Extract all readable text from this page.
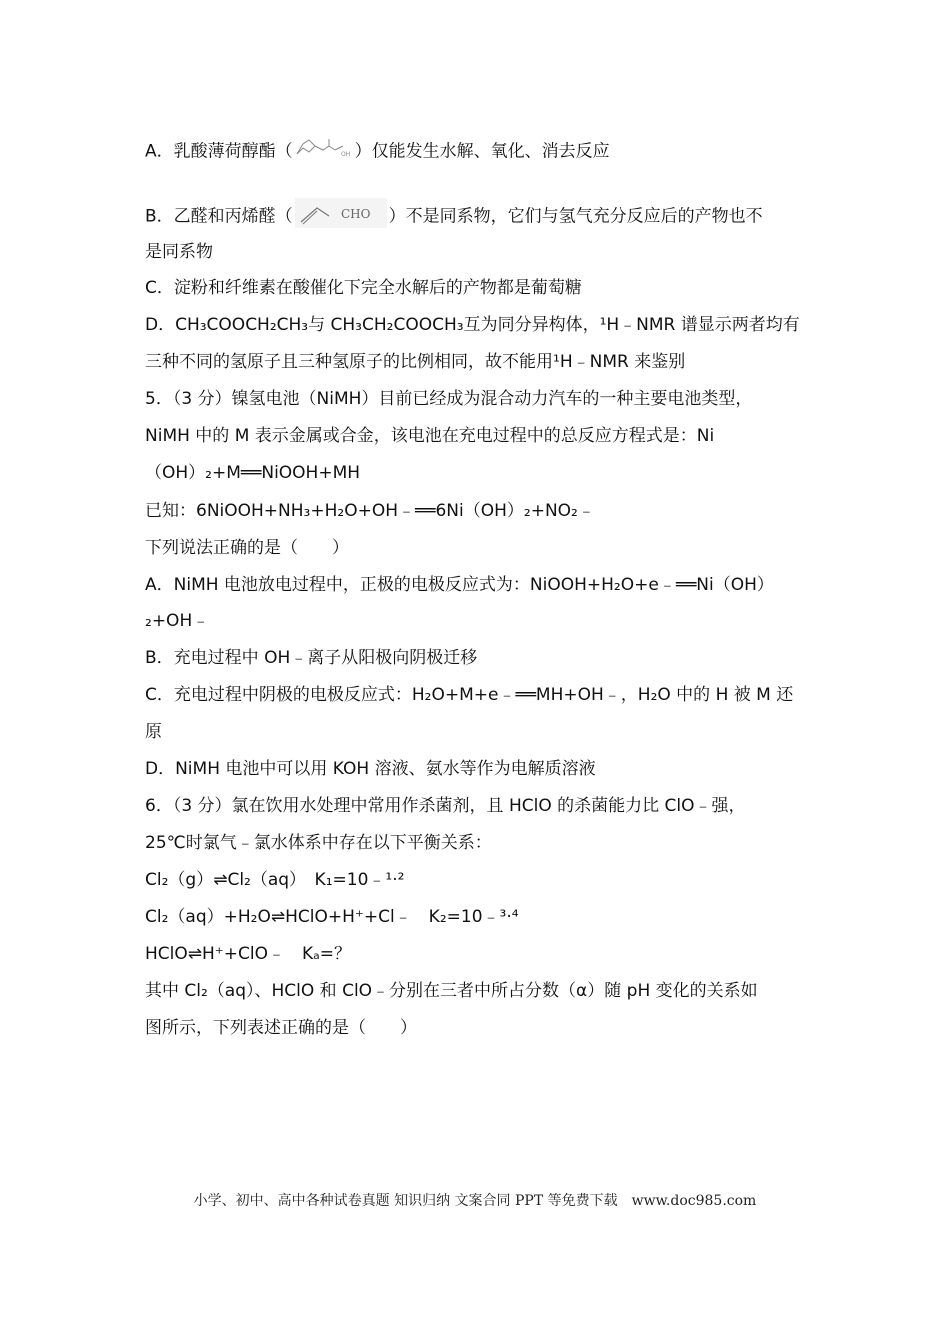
A．乳酸薄荷醇酯（	OH ）仅能发生水解、氧化、消去反应
B．乙醛和丙烯醛（	CHO ）不是同系物，它们与氢气充分反应后的产物也不
是同系物
C．淀粉和纤维素在酸催化下完全水解后的产物都是葡萄糖
D．CH₃COOCH₂CH₃与 CH₃CH₂COOCH₃互为同分异构体，¹H﹣NMR 谱显示两者均有
三种不同的氢原子且三种氢原子的比例相同，故不能用¹H﹣NMR 来鉴别
5．（3 分）镍氢电池（NiMH）目前已经成为混合动力汽车的一种主要电池类型，
NiMH 中的 M 表示金属或合金，该电池在充电过程中的总反应方程式是：Ni
（OH）₂+M══NiOOH+MH
已知：6NiOOH+NH₃+H₂O+OH﹣══6Ni（OH）₂+NO₂﹣
下列说法正确的是（　　）
A．NiMH 电池放电过程中，正极的电极反应式为：NiOOH+H₂O+e﹣══Ni（OH）
₂+OH﹣
B．充电过程中 OH﹣离子从阳极向阴极迁移
C．充电过程中阴极的电极反应式：H₂O+M+e﹣══MH+OH﹣，H₂O 中的 H 被 M 还
原
D．NiMH 电池中可以用 KOH 溶液、氨水等作为电解质溶液
6．（3 分）氯在饮用水处理中常用作杀菌剂，且 HClO 的杀菌能力比 ClO﹣强，
25℃时氯气﹣氯水体系中存在以下平衡关系：
Cl₂（g）⇌Cl₂（aq）　K₁=10﹣¹·²
Cl₂（aq）+H₂O⇌HClO+H⁺+Cl﹣　K₂=10﹣³·⁴
HClO⇌H⁺+ClO﹣　Kₐ=？
其中 Cl₂（aq）、HClO 和 ClO﹣分别在三者中所占分数（α）随 pH 变化的关系如
图所示，下列表述正确的是（　　）
小学、初中、高中各种试卷真题 知识归纳 文案合同 PPT 等免费下载　www.doc985.com
